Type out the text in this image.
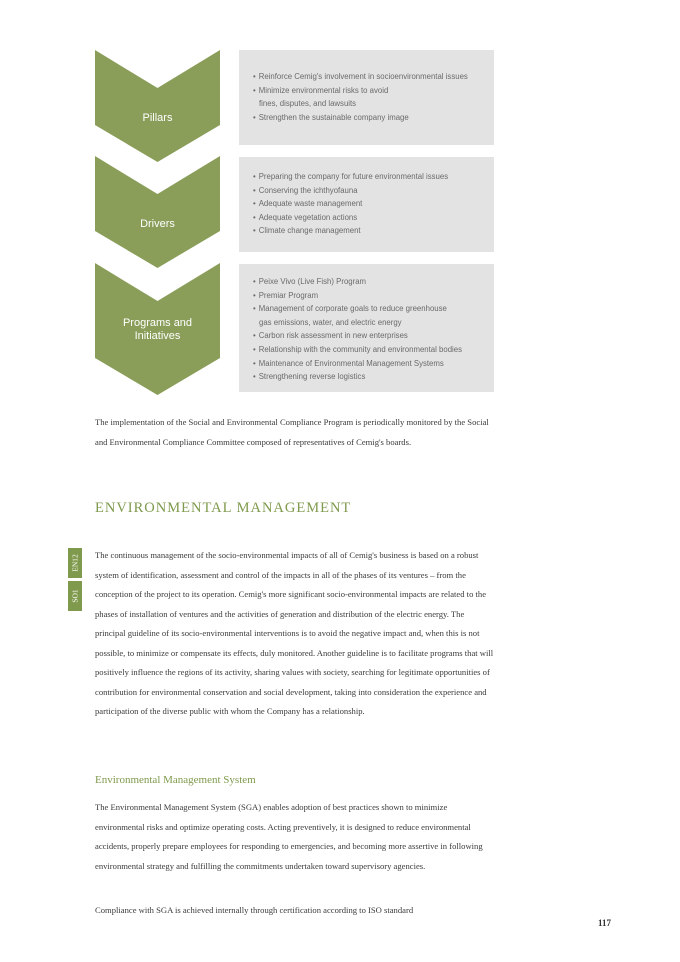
Pillars
• Reinforce Cemig's involvement in socioenvironmental issues
• Minimize environmental risks to avoid fines, disputes, and lawsuits
• Strengthen the sustainable company image
Drivers
• Preparing the company for future environmental issues
• Conserving the ichthyofauna
• Adequate waste management
• Adequate vegetation actions
• Climate change management
Programs and Initiatives
• Peixe Vivo (Live Fish) Program
• Premiar Program
• Management of corporate goals to reduce greenhouse gas emissions, water, and electric energy
• Carbon risk assessment in new enterprises
• Relationship with the community and environmental bodies
• Maintenance of Environmental Management Systems
• Strengthening reverse logistics

The implementation of the Social and Environmental Compliance Program is periodically monitored by the Social and Environmental Compliance Committee composed of representatives of Cemig's boards.

ENVIRONMENTAL MANAGEMENT
EN12
SO1

The continuous management of the socio-environmental impacts of all of Cemig's business is based on a robust system of identification, assessment and control of the impacts in all of the phases of its ventures – from the conception of the project to its operation. Cemig's more significant socio-environmental impacts are related to the phases of installation of ventures and the activities of generation and distribution of the electric energy. The principal guideline of its socio-environmental interventions is to avoid the negative impact and, when this is not possible, to minimize or compensate its effects, duly monitored. Another guideline is to facilitate programs that will positively influence the regions of its activity, sharing values with society, searching for legitimate opportunities of contribution for environmental conservation and social development, taking into consideration the experience and participation of the diverse public with whom the Company has a relationship.

Environmental Management System

The Environmental Management System (SGA) enables adoption of best practices shown to minimize environmental risks and optimize operating costs. Acting preventively, it is designed to reduce environmental accidents, properly prepare employees for responding to emergencies, and becoming more assertive in following environmental strategy and fulfilling the commitments undertaken toward supervisory agencies.

Compliance with SGA is achieved internally through certification according to ISO standard

117
